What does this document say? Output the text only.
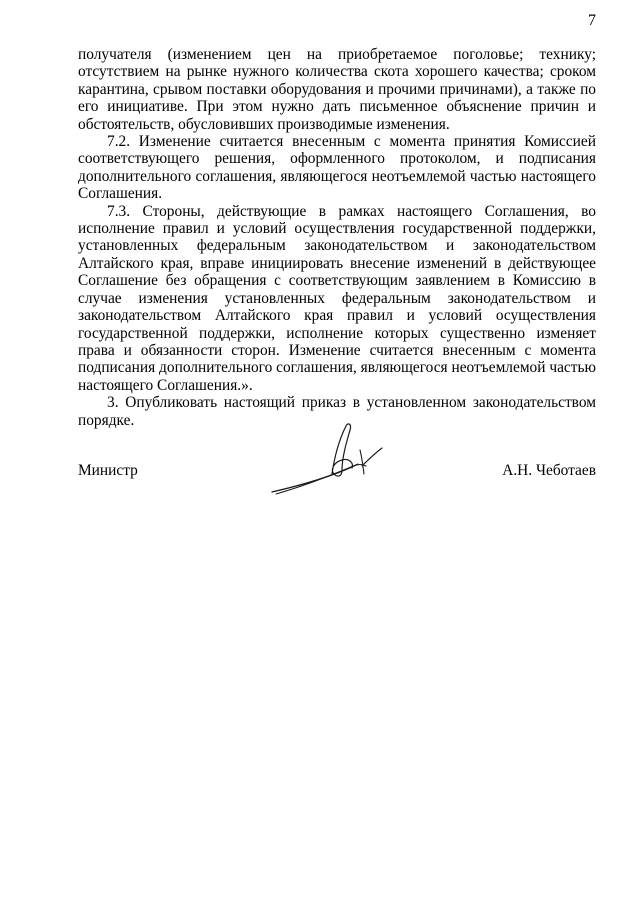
7

получателя (изменением цен на приобретаемое поголовье; технику; отсутствием на рынке нужного количества скота хорошего качества; сроком карантина, срывом поставки оборудования и прочими причинами), а также по его инициативе. При этом нужно дать письменное объяснение причин и обстоятельств, обусловивших производимые изменения.

7.2. Изменение считается внесенным с момента принятия Комиссией соответствующего решения, оформленного протоколом, и подписания дополнительного соглашения, являющегося неотъемлемой частью настоящего Соглашения.

7.3. Стороны, действующие в рамках настоящего Соглашения, во исполнение правил и условий осуществления государственной поддержки, установленных федеральным законодательством и законодательством Алтайского края, вправе инициировать внесение изменений в действующее Соглашение без обращения с соответствующим заявлением в Комиссию в случае изменения установленных федеральным законодательством и законодательством Алтайского края правил и условий осуществления государственной поддержки, исполнение которых существенно изменяет права и обязанности сторон. Изменение считается внесенным с момента подписания дополнительного соглашения, являющегося неотъемлемой частью настоящего Соглашения.».

3. Опубликовать настоящий приказ в установленном законодательством порядке.

Министр	А.Н. Чеботаев
